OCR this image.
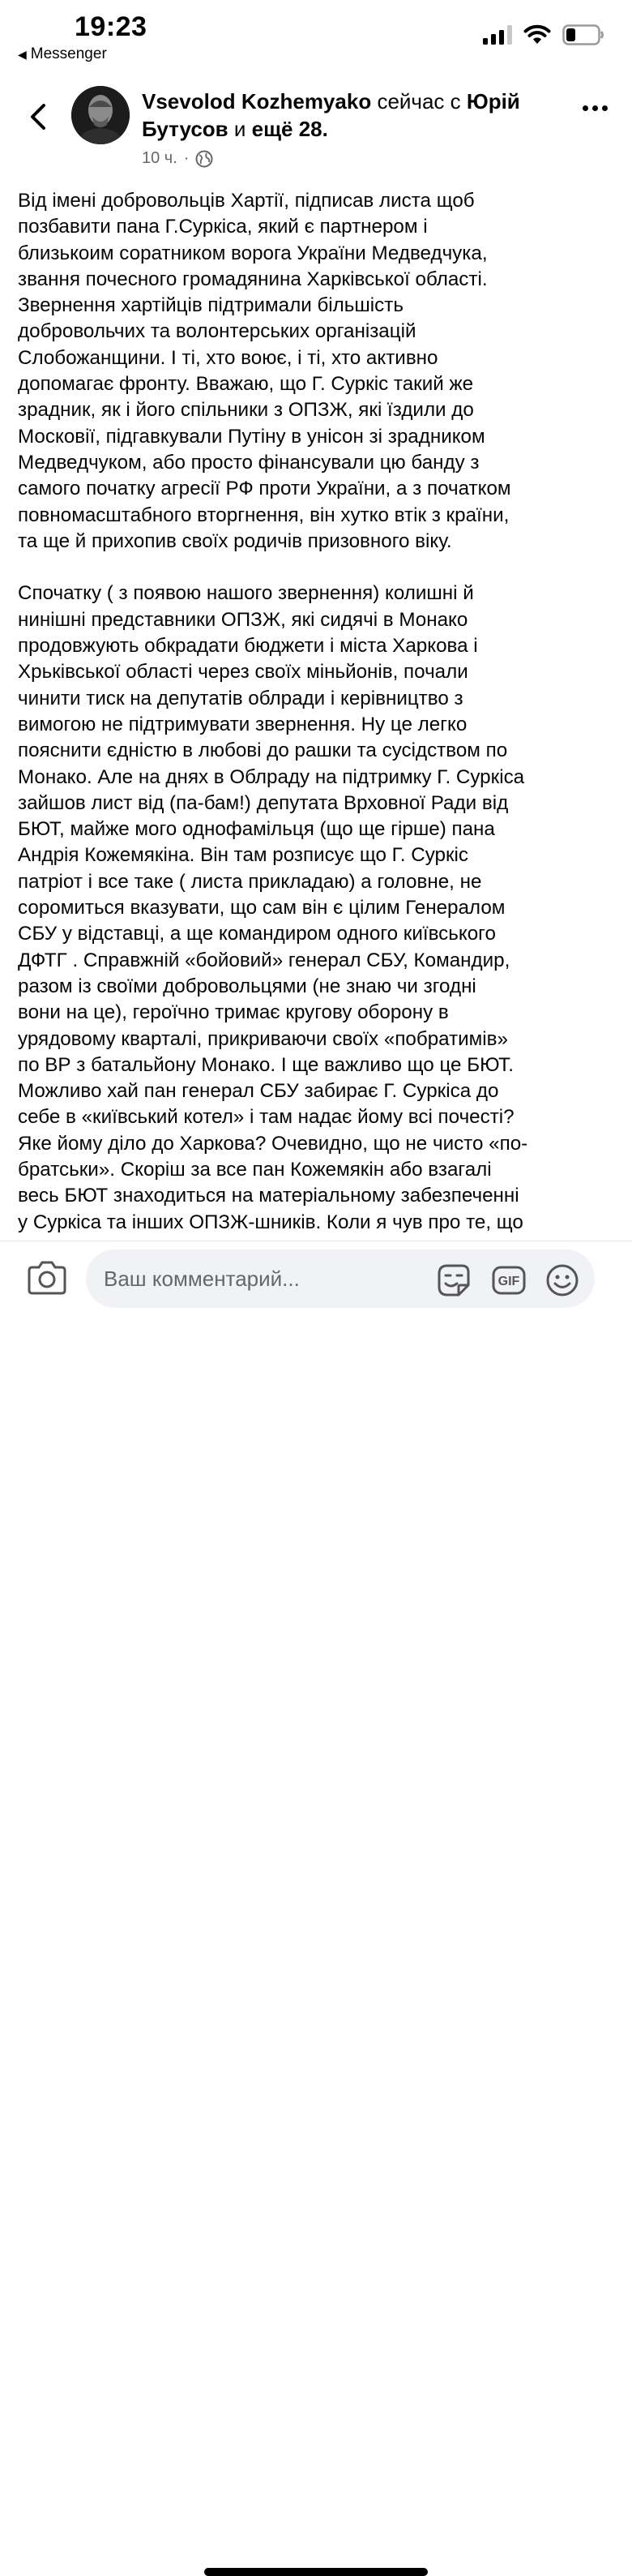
19:23
◀ Messenger
Vsevolod Kozhemyako сейчас с Юрій Бутусов и ещё 28.
10 ч. ·

Від імені добровольців Хартії, підписав листа щоб
позбавити пана Г.Суркіса, який є партнером і
близькоим соратником ворога України Медведчука,
звання почесного громадянина Харківської області.
Звернення хартійців підтримали більшість
добровольчих та волонтерських організацій
Слобожанщини. І ті, хто воює, і ті, хто активно
допомагає фронту. Вважаю, що Г. Суркіс такий же
зрадник, як і його спільники з ОПЗЖ, які їздили до
Московії, підгавкували Путіну в унісон зі зрадником
Медведчуком, або просто фінансували цю банду з
самого початку агресії РФ проти України, а з початком
повномасштабного вторгнення, він хутко втік з країни,
та ще й прихопив своїх родичів призовного віку.

Спочатку ( з появою нашого звернення) колишні й
нинішні представники ОПЗЖ, які сидячі в Монако
продовжують обкрадати бюджети і міста Харкова і
Хрьківської області через своїх міньйонів, почали
чинити тиск на депутатів облради і керівництво з
вимогою не підтримувати звернення. Ну це легко
пояснити єдністю в любові до рашки та сусідством по
Монако. Але на днях в Облраду на підтримку Г. Суркіса
зайшов лист від (па-бам!) депутата Врховної Ради від
БЮТ, майже мого однофамільця (що ще гірше) пана
Андрія Кожемякіна. Він там розписує що Г. Суркіс
патріот і все таке ( листа прикладаю) а головне, не
соромиться вказувати, що сам він є цілим Генералом
СБУ у відставці, а ще командиром одного київського
ДФТГ . Справжній «бойовий» генерал СБУ, Командир,
разом із своїми добровольцями (не знаю чи згодні
вони на це), героїчно тримає кругову оборону в
урядовому кварталі, прикриваючи своїх «побратимів»
по ВР з батальйону Монако. І ще важливо що це БЮТ.
Можливо хай пан генерал СБУ забирає Г. Суркіса до
себе в «київський котел» і там надає йому всі почесті?
Яке йому діло до Харкова? Очевидно, що не чисто «по-
братськи». Скоріш за все пан Кожемякін або взагалі
весь БЮТ знаходиться на матеріальному забезпеченні
у Суркіса та інших ОПЗЖ-шників. Коли я чув про те, що

Ваш комментарий...
GIF
